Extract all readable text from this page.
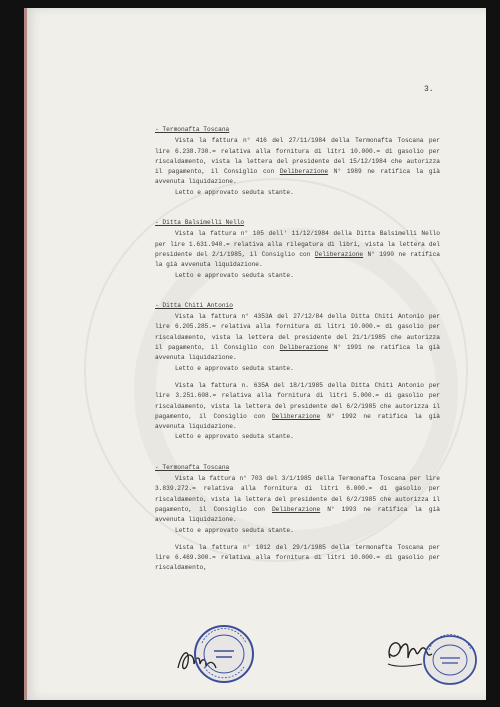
3.
- Termonafta Toscana
Vista la fattura n° 416 del 27/11/1984 della Termonafta Toscana per lire 6.238.730.= relativa alla fornitura di litri 10.000.= di gasolio per riscaldamento, vista la lettera del presidente del 15/12/1984 che autorizza il pagamento, il Consiglio con Deliberazione N° 1989 ne ratifica la già avvenuta liquidazione.
Letto e approvato seduta stante.
- Ditta Balsimelli Nello
Vista la fattura n° 105 dell' 11/12/1984 della Ditta Balsimelli Nello per lire 1.631.940.= relativa alla rilegatura di libri, vista la lettera del presidente del 2/1/1985, il Consiglio con Deliberazione N° 1990 ne ratifica la già avvenuta liquidazione.
Letto e approvato seduta stante.
- Ditta Chiti Antonio
Vista la fattura n° 4353A del 27/12/84 della Ditta Chiti Antonio per lire 6.205.285.= relativa alla fornitura di litri 10.000.= di gasolio per riscaldamento, vista la lettera del presidente del 21/1/1985 che autorizza il pagamento, il Consiglio con Deliberazione N° 1991 ne ratifica la già avvenuta liquidazione.
Letto e approvato seduta stante.
Vista la fattura n. 635A del 18/1/1985 della Ditta Chiti Antonio per lire 3.251.608.= relativa alla fornitura di litri 5.000.= di gasolio per riscaldamento, vista la lettera del presidente del 6/2/1985 che autorizza il pagamento, il Consiglio con Deliberazione N° 1992 ne ratifica la già avvenuta liquidazione.
Letto e approvato seduta stante.
- Termonafta Toscana
Vista la fattura n° 703 del 3/1/1985 della Termonafta Toscana per lire 3.839.272.= relativa alla fornitura di litri 6.000.= di gasolio per riscaldamento, vista la lettera del presidente del 6/2/1985 che autorizza il pagamento, il Consiglio con Deliberazione N° 1993 ne ratifica la già avvenuta liquidazione.
Letto e approvato seduta stante.
Vista la fattura n° 1012 del 29/1/1985 della termonafta Toscana per lire 6.469.300.= relativa alla fornitura di litri 10.000.= di gasolio per riscaldamento,
